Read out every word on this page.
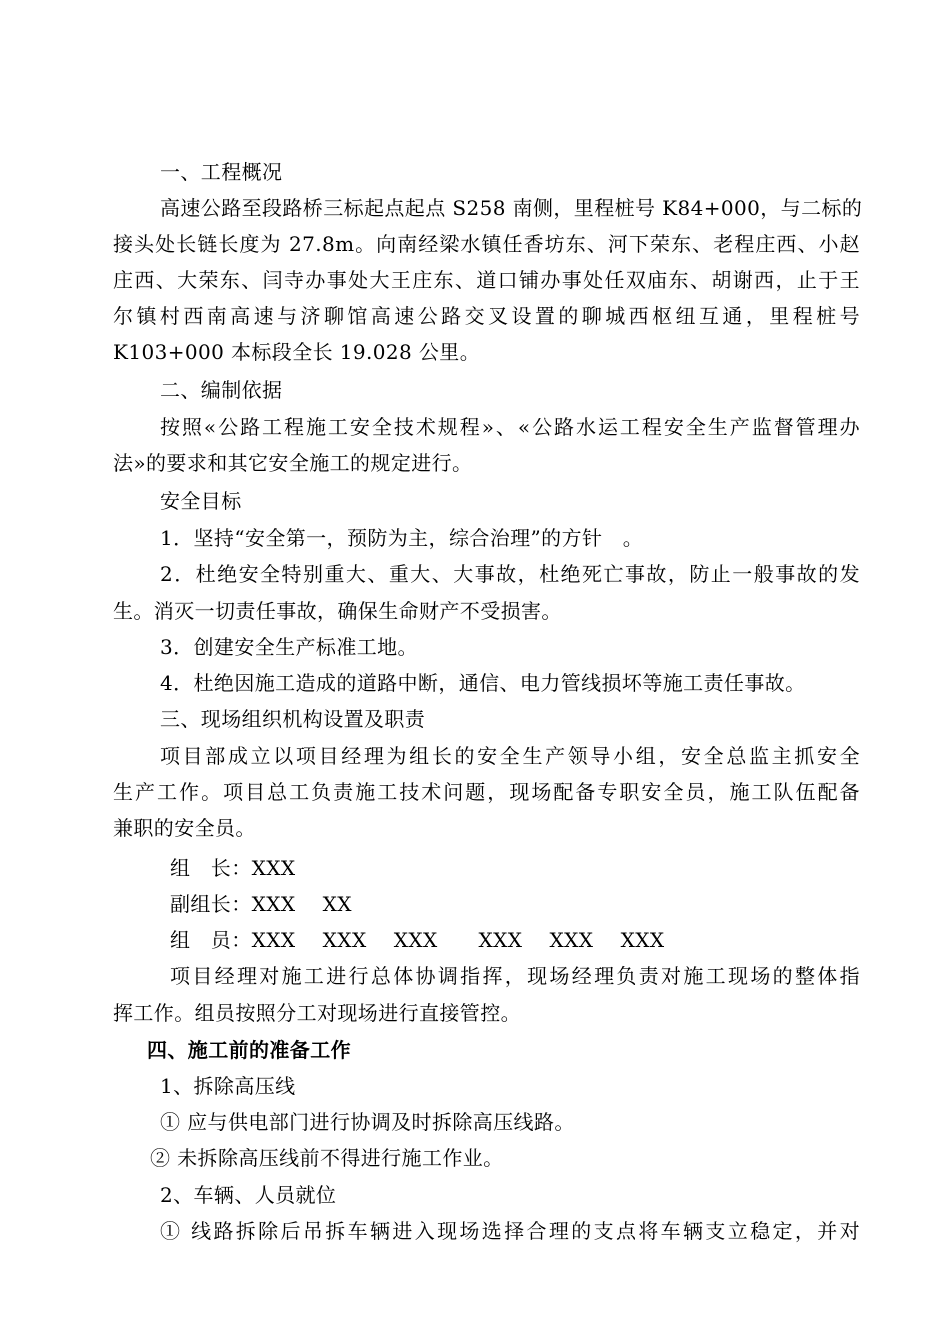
一、工程概况
高速公路至段路桥三标起点起点 S258 南侧，里程桩号 K84+000，与二标的
接头处长链长度为 27.8m。向南经梁水镇任香坊东、河下荣东、老程庄西、小赵
庄西、大荣东、闫寺办事处大王庄东、道口铺办事处任双庙东、胡谢西，止于王
尔镇村西南高速与济聊馆高速公路交叉设置的聊城西枢纽互通，里程桩号
K103+000 本标段全长 19.028 公里。
二、编制依据
按照«公路工程施工安全技术规程»、«公路水运工程安全生产监督管理办
法»的要求和其它安全施工的规定进行。
安全目标
1．坚持“安全第一，预防为主，综合治理”的方针　。
2．杜绝安全特别重大、重大、大事故，杜绝死亡事故，防止一般事故的发
生。消灭一切责任事故，确保生命财产不受损害。
3．创建安全生产标准工地。
4．杜绝因施工造成的道路中断，通信、电力管线损坏等施工责任事故。
三、现场组织机构设置及职责
项目部成立以项目经理为组长的安全生产领导小组，安全总监主抓安全
生产工作。项目总工负责施工技术问题，现场配备专职安全员，施工队伍配备
兼职的安全员。
组　长：XXX
副组长：XXX　 XX
组　员：XXX　 XXX　 XXX　　XXX　 XXX　 XXX
项目经理对施工进行总体协调指挥，现场经理负责对施工现场的整体指
挥工作。组员按照分工对现场进行直接管控。
四、施工前的准备工作
1、拆除高压线
① 应与供电部门进行协调及时拆除高压线路。
② 未拆除高压线前不得进行施工作业。
2、车辆、人员就位
① 线路拆除后吊拆车辆进入现场选择合理的支点将车辆支立稳定，并对
